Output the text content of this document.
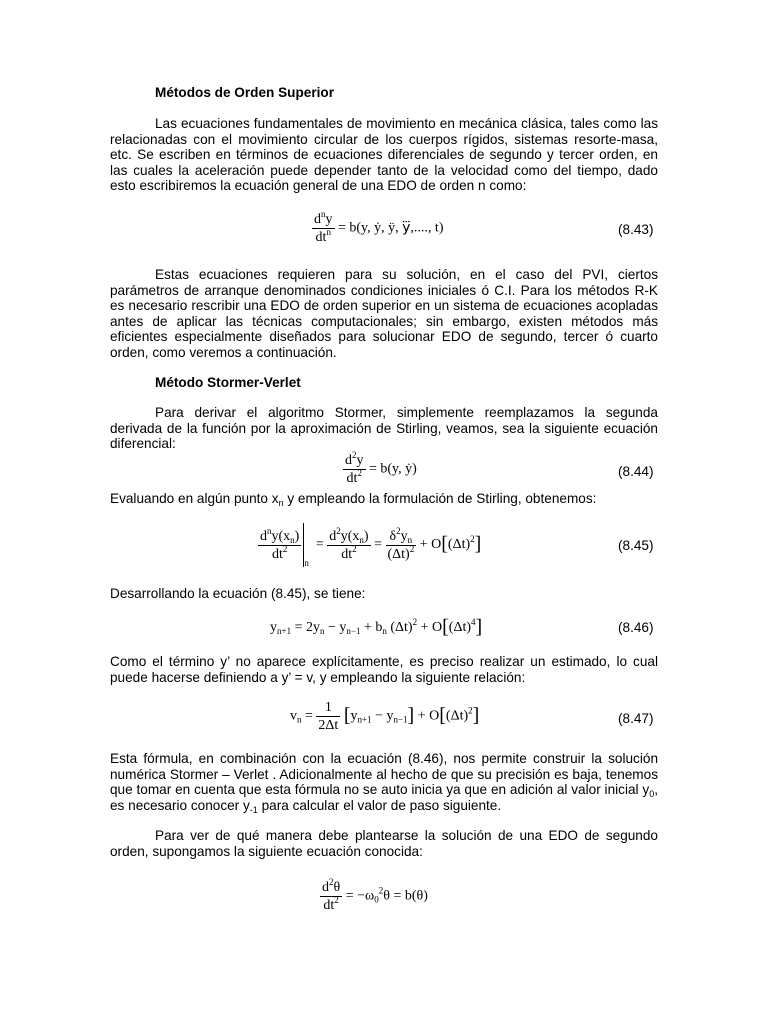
Métodos de Orden Superior

Las ecuaciones fundamentales de movimiento en mecánica clásica, tales como las relacionadas con el movimiento circular de los cuerpos rígidos, sistemas resorte-masa, etc. Se escriben en términos de ecuaciones diferenciales de segundo y tercer orden, en las cuales la aceleración puede depender tanto de la velocidad como del tiempo, dado esto escribiremos la ecuación general de una EDO de orden n como:

$\frac{d^ny}{dt^n} = b(y$, ẏ, ÿ, y⃛,...., t)	(8.43)

Estas ecuaciones requieren para su solución, en el caso del PVI, ciertos parámetros de arranque denominados condiciones iniciales ó C.I. Para los métodos R-K es necesario rescribir una EDO de orden superior en un sistema de ecuaciones acopladas antes de aplicar las técnicas computacionales; sin embargo, existen métodos más eficientes especialmente diseñados para solucionar EDO de segundo, tercer ó cuarto orden, como veremos a continuación.

Método Stormer-Verlet

Para derivar el algoritmo Stormer, simplemente reemplazamos la segunda derivada de la función por la aproximación de Stirling, veamos, sea la siguiente ecuación diferencial:

$\frac{d^2y}{dt^2} = b(y$, ẏ)	(8.44)

Evaluando en algún punto $x_n$ y empleando la formulación de Stirling, obtenemos:

$\frac{d^ny(x_n)}{dt^2}$
$_n = \frac{d^2y(x_n)}{dt^2} = \frac{\delta^2y_n}{(\Delta t)^2} + O[(\Delta t)^2]$	(8.45)

Desarrollando la ecuación (8.45), se tiene:

$y_{n+1} = 2y_n - y_{n-1} + b_n$ $(\Delta t)^2 + O[(\Delta t)^4]$	(8.46)

Como el término y’ no aparece explícitamente, es preciso realizar un estimado, lo cual puede hacerse definiendo a y’ = v, y empleando la siguiente relación:

$v_n = \frac{1}{2\Delta t} [y_{n+1} - y_{n-1}] + O[(\Delta t)^2]$	(8.47)

Esta fórmula, en combinación con la ecuación (8.46), nos permite construir la solución numérica Stormer – Verlet . Adicionalmente al hecho de que su precisión es baja, tenemos que tomar en cuenta que esta fórmula no se auto inicia ya que en adición al valor inicial $y_0$, es necesario conocer $y_{-1}$ para calcular el valor de paso siguiente.

Para ver de qué manera debe plantearse la solución de una EDO de segundo orden, supongamos la siguiente ecuación conocida:

$\frac{d^2\theta}{dt^2} = -\omega_0^2\theta = b(\theta)$
